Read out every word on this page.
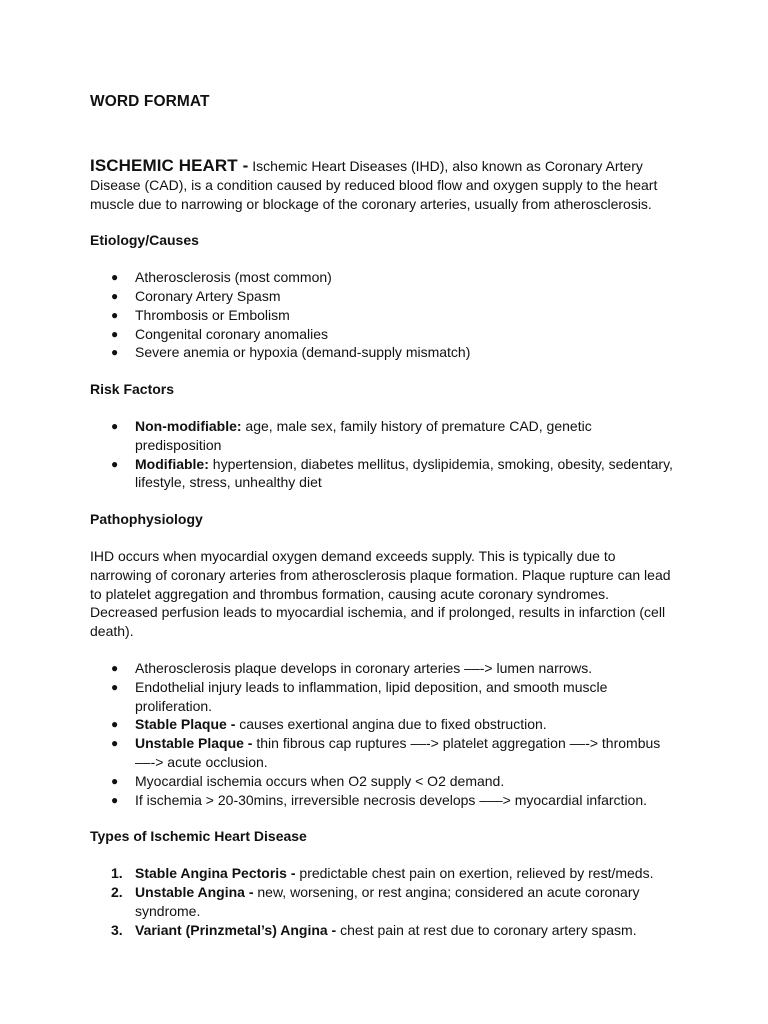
WORD FORMAT

ISCHEMIC HEART - Ischemic Heart Diseases (IHD), also known as Coronary Artery Disease (CAD), is a condition caused by reduced blood flow and oxygen supply to the heart muscle due to narrowing or blockage of the coronary arteries, usually from atherosclerosis.

Etiology/Causes
● Atherosclerosis (most common)
● Coronary Artery Spasm
● Thrombosis or Embolism
● Congenital coronary anomalies
● Severe anemia or hypoxia (demand-supply mismatch)
Risk Factors
● Non-modifiable: age, male sex, family history of premature CAD, genetic predisposition
● Modifiable: hypertension, diabetes mellitus, dyslipidemia, smoking, obesity, sedentary, lifestyle, stress, unhealthy diet
Pathophysiology

IHD occurs when myocardial oxygen demand exceeds supply. This is typically due to narrowing of coronary arteries from atherosclerosis plaque formation. Plaque rupture can lead to platelet aggregation and thrombus formation, causing acute coronary syndromes. Decreased perfusion leads to myocardial ischemia, and if prolonged, results in infarction (cell death).

● Atherosclerosis plaque develops in coronary arteries ––-> lumen narrows.
● Endothelial injury leads to inflammation, lipid deposition, and smooth muscle proliferation.
● Stable Plaque - causes exertional angina due to fixed obstruction.
● Unstable Plaque - thin fibrous cap ruptures ––-> platelet aggregation ––-> thrombus ––-> acute occlusion.
● Myocardial ischemia occurs when O2 supply < O2 demand.
● If ischemia > 20-30mins, irreversible necrosis develops –––> myocardial infarction.
Types of Ischemic Heart Disease
1. Stable Angina Pectoris - predictable chest pain on exertion, relieved by rest/meds.
2. Unstable Angina - new, worsening, or rest angina; considered an acute coronary syndrome.
3. Variant (Prinzmetal’s) Angina - chest pain at rest due to coronary artery spasm.
